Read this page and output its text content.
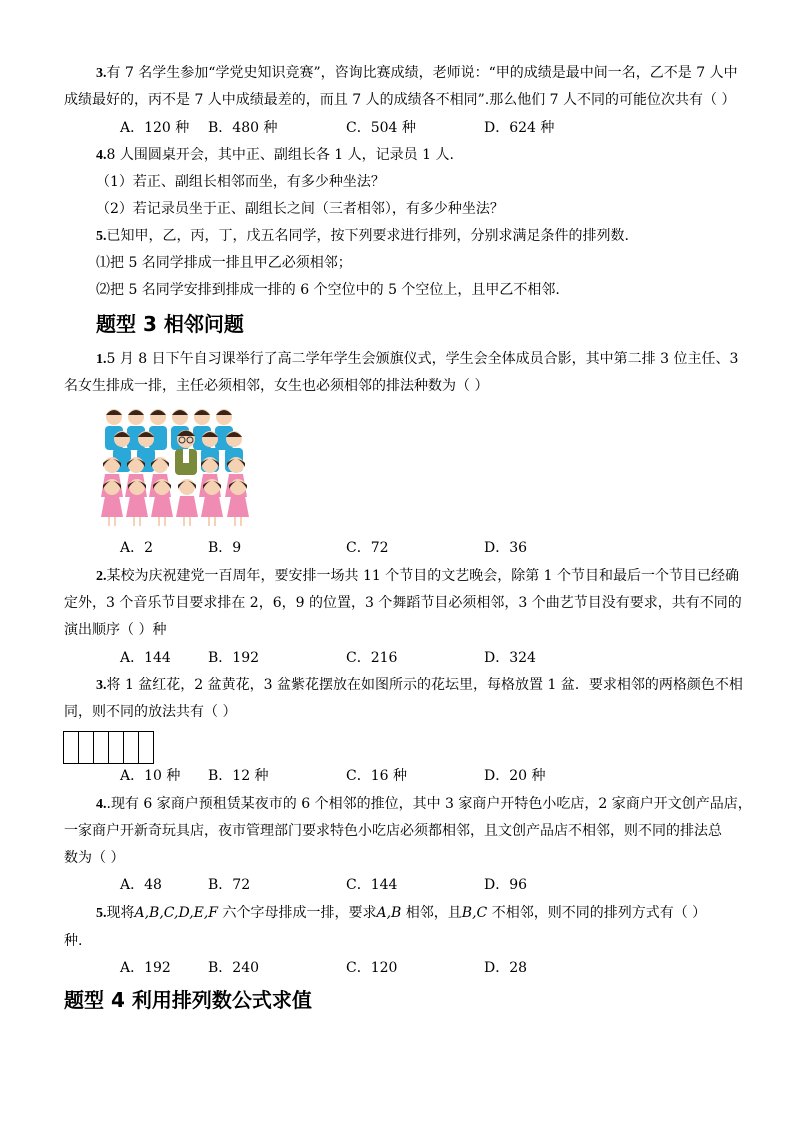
3.有 7 名学生参加“学党史知识竞赛”，咨询比赛成绩，老师说：“甲的成绩是最中间一名，乙不是 7 人中
成绩最好的，丙不是 7 人中成绩最差的，而且 7 人的成绩各不相同”.那么他们 7 人不同的可能位次共有（ ）
A．120 种 B．480 种	C．504 种	D．624 种
4.8 人围圆桌开会，其中正、副组长各 1 人，记录员 1 人.
（1）若正、副组长相邻而坐，有多少种坐法？
（2）若记录员坐于正、副组长之间（三者相邻），有多少种坐法？
5.已知甲，乙，丙，丁，戊五名同学，按下列要求进行排列，分别求满足条件的排列数.
⑴把 5 名同学排成一排且甲乙必须相邻；
⑵把 5 名同学安排到排成一排的 6 个空位中的 5 个空位上，且甲乙不相邻.
题型 3 相邻问题
1.5 月 8 日下午自习课举行了高二学年学生会颁旗仪式，学生会全体成员合影，其中第二排 3 位主任、3
名女生排成一排，主任必须相邻，女生也必须相邻的排法种数为（ ）
A．2	B．9	C．72	D．36
2.某校为庆祝建党一百周年，要安排一场共 11 个节目的文艺晚会，除第 1 个节目和最后一个节目已经确
定外，3 个音乐节目要求排在 2，6，9 的位置，3 个舞蹈节目必须相邻，3 个曲艺节目没有要求，共有不同的
演出顺序（ ）种
A．144	B．192	C．216	D．324
3.将 1 盆红花，2 盆黄花，3 盆紫花摆放在如图所示的花坛里，每格放置 1 盆．要求相邻的两格颜色不相
同，则不同的放法共有（ ）
A．10 种 B．12 种	C．16 种	D．20 种
4..现有 6 家商户预租赁某夜市的 6 个相邻的推位，其中 3 家商户开特色小吃店，2 家商户开文创产品店，
一家商户开新奇玩具店，夜市管理部门要求特色小吃店必须都相邻，且文创产品店不相邻，则不同的排法总
数为（ ）
A．48	B．72	C．144	D．96
5.现将A,B,C,D,E,F 六个字母排成一排，要求A,B 相邻，且B,C 不相邻，则不同的排列方式有（ ）
种.
A．192	B．240	C．120	D．28
题型 4 利用排列数公式求值
